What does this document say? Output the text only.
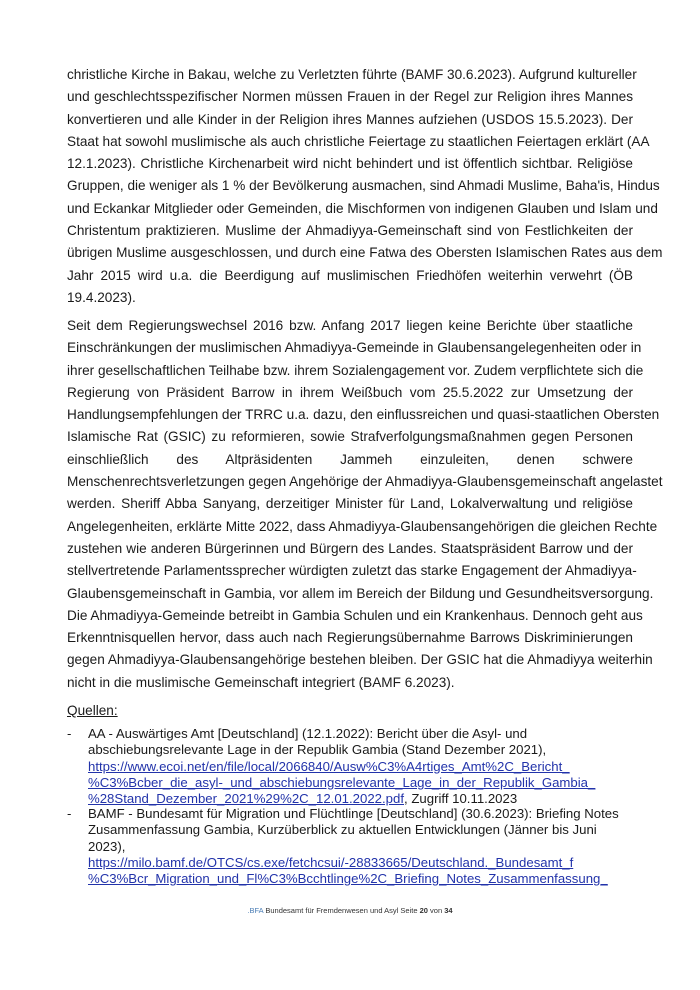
christliche Kirche in Bakau, welche zu Verletzten führte (BAMF 30.6.2023). Aufgrund kultureller
und geschlechtsspezifischer Normen müssen Frauen in der Regel zur Religion ihres Mannes
konvertieren und alle Kinder in der Religion ihres Mannes aufziehen (USDOS 15.5.2023). Der
Staat hat sowohl muslimische als auch christliche Feiertage zu staatlichen Feiertagen erklärt (AA
12.1.2023). Christliche Kirchenarbeit wird nicht behindert und ist öffentlich sichtbar. Religiöse
Gruppen, die weniger als 1 % der Bevölkerung ausmachen, sind Ahmadi Muslime, Baha'is, Hindus
und Eckankar Mitglieder oder Gemeinden, die Mischformen von indigenen Glauben und Islam und
Christentum praktizieren. Muslime der Ahmadiyya-Gemeinschaft sind von Festlichkeiten der
übrigen Muslime ausgeschlossen, und durch eine Fatwa des Obersten Islamischen Rates aus dem
Jahr 2015 wird u.a. die Beerdigung auf muslimischen Friedhöfen weiterhin verwehrt (ÖB
19.4.2023).
Seit dem Regierungswechsel 2016 bzw. Anfang 2017 liegen keine Berichte über staatliche
Einschränkungen der muslimischen Ahmadiyya-Gemeinde in Glaubensangelegenheiten oder in
ihrer gesellschaftlichen Teilhabe bzw. ihrem Sozialengagement vor. Zudem verpflichtete sich die
Regierung von Präsident Barrow in ihrem Weißbuch vom 25.5.2022 zur Umsetzung der
Handlungsempfehlungen der TRRC u.a. dazu, den einflussreichen und quasi-staatlichen Obersten
Islamische Rat (GSIC) zu reformieren, sowie Strafverfolgungsmaßnahmen gegen Personen
einschließlich des Altpräsidenten Jammeh einzuleiten, denen schwere
Menschenrechtsverletzungen gegen Angehörige der Ahmadiyya-Glaubensgemeinschaft angelastet
werden. Sheriff Abba Sanyang, derzeitiger Minister für Land, Lokalverwaltung und religiöse
Angelegenheiten, erklärte Mitte 2022, dass Ahmadiyya-Glaubensangehörigen die gleichen Rechte
zustehen wie anderen Bürgerinnen und Bürgern des Landes. Staatspräsident Barrow und der
stellvertretende Parlamentssprecher würdigten zuletzt das starke Engagement der Ahmadiyya-
Glaubensgemeinschaft in Gambia, vor allem im Bereich der Bildung und Gesundheitsversorgung.
Die Ahmadiyya-Gemeinde betreibt in Gambia Schulen und ein Krankenhaus. Dennoch geht aus
Erkenntnisquellen hervor, dass auch nach Regierungsübernahme Barrows Diskriminierungen
gegen Ahmadiyya-Glaubensangehörige bestehen bleiben. Der GSIC hat die Ahmadiyya weiterhin
nicht in die muslimische Gemeinschaft integriert (BAMF 6.2023).
Quellen:
- AA - Auswärtiges Amt [Deutschland] (12.1.2022): Bericht über die Asyl- und abschiebungsrelevante Lage in der Republik Gambia (Stand Dezember 2021),
https://www.ecoi.net/en/file/local/2066840/Ausw%C3%A4rtiges_Amt%2C_Bericht_
%C3%Bcber_die_asyl-_und_abschiebungsrelevante_Lage_in_der_Republik_Gambia_
%28Stand_Dezember_2021%29%2C_12.01.2022.pdf, Zugriff 10.11.2023
- BAMF - Bundesamt für Migration und Flüchtlinge [Deutschland] (30.6.2023): Briefing Notes Zusammenfassung Gambia, Kurzüberblick zu aktuellen Entwicklungen (Jänner bis Juni 2023),
https://milo.bamf.de/OTCS/cs.exe/fetchcsui/-28833665/Deutschland._Bundesamt_f
%C3%Bcr_Migration_und_Fl%C3%Bcchtlinge%2C_Briefing_Notes_Zusammenfassung_
.BFA Bundesamt für Fremdenwesen und Asyl Seite 20 von 34
